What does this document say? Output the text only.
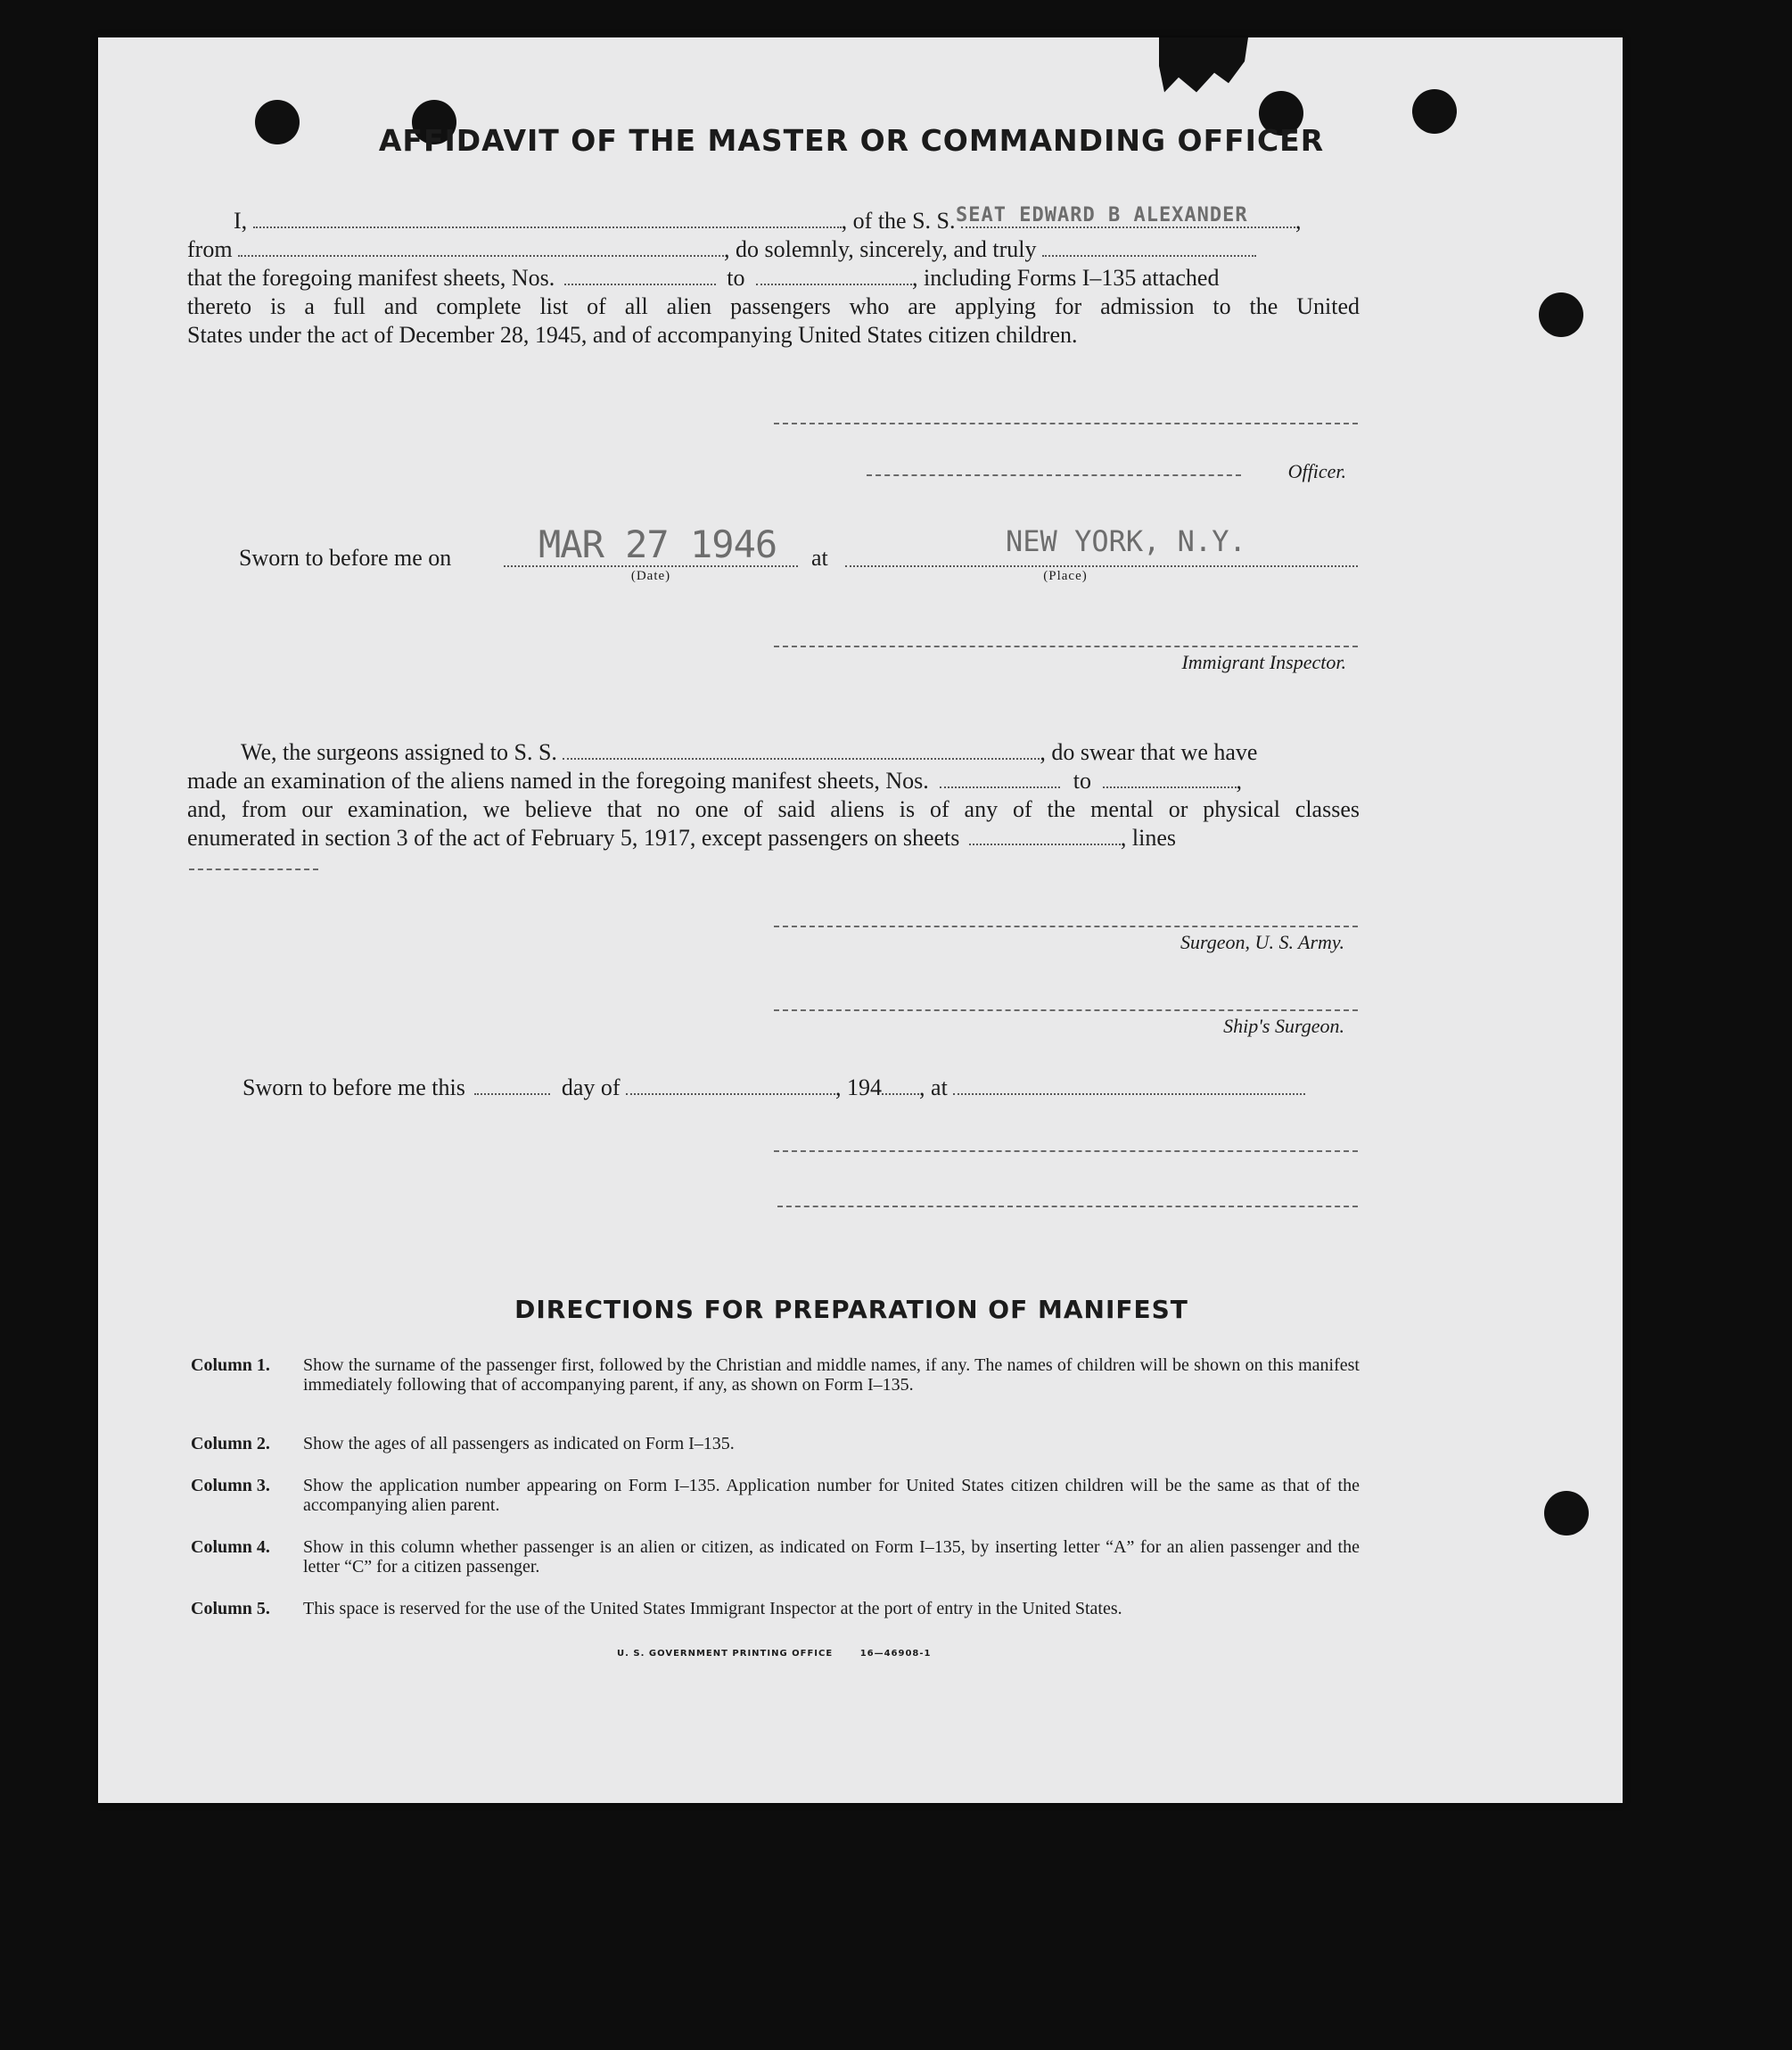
AFFIDAVIT OF THE MASTER OR COMMANDING OFFICER
I,	, of the S. S. SEAT EDWARD B ALEXANDER ,
from	, do solemnly, sincerely, and truly
that the foregoing manifest sheets, Nos.	to	, including Forms I–135 attached
thereto is a full and complete list of all alien passengers who are applying for admission to the United
States under the act of December 28, 1945, and of accompanying United States citizen children.
Officer.
Sworn to before me on	MAR 27 1946
(Date)
at	NEW YORK, N.Y.
(Place)
Immigrant Inspector.
We, the surgeons assigned to S. S.	, do swear that we have
made an examination of the aliens named in the foregoing manifest sheets, Nos.	to	,
and, from our examination, we believe that no one of said aliens is of any of the mental or physical classes
enumerated in section 3 of the act of February 5, 1917, except passengers on sheets	, lines
Surgeon, U. S. Army.
Ship's Surgeon.
Sworn to before me this	day of	, 194 , at
DIRECTIONS FOR PREPARATION OF MANIFEST
Column 1.	Show the surname of the passenger first, followed by the Christian and middle names, if any. The names of children will be shown on this manifest immediately following that of accompanying parent, if any, as shown on Form I–135.
Column 2.	Show the ages of all passengers as indicated on Form I–135.
Column 3.	Show the application number appearing on Form I–135. Application number for United States citizen children will be the same as that of the accompanying alien parent.
Column 4.	Show in this column whether passenger is an alien or citizen, as indicated on Form I–135, by inserting letter “A” for an alien passenger and the letter “C” for a citizen passenger.
Column 5.	This space is reserved for the use of the United States Immigrant Inspector at the port of entry in the United States.
U. S. GOVERNMENT PRINTING OFFICE	16—46908-1
